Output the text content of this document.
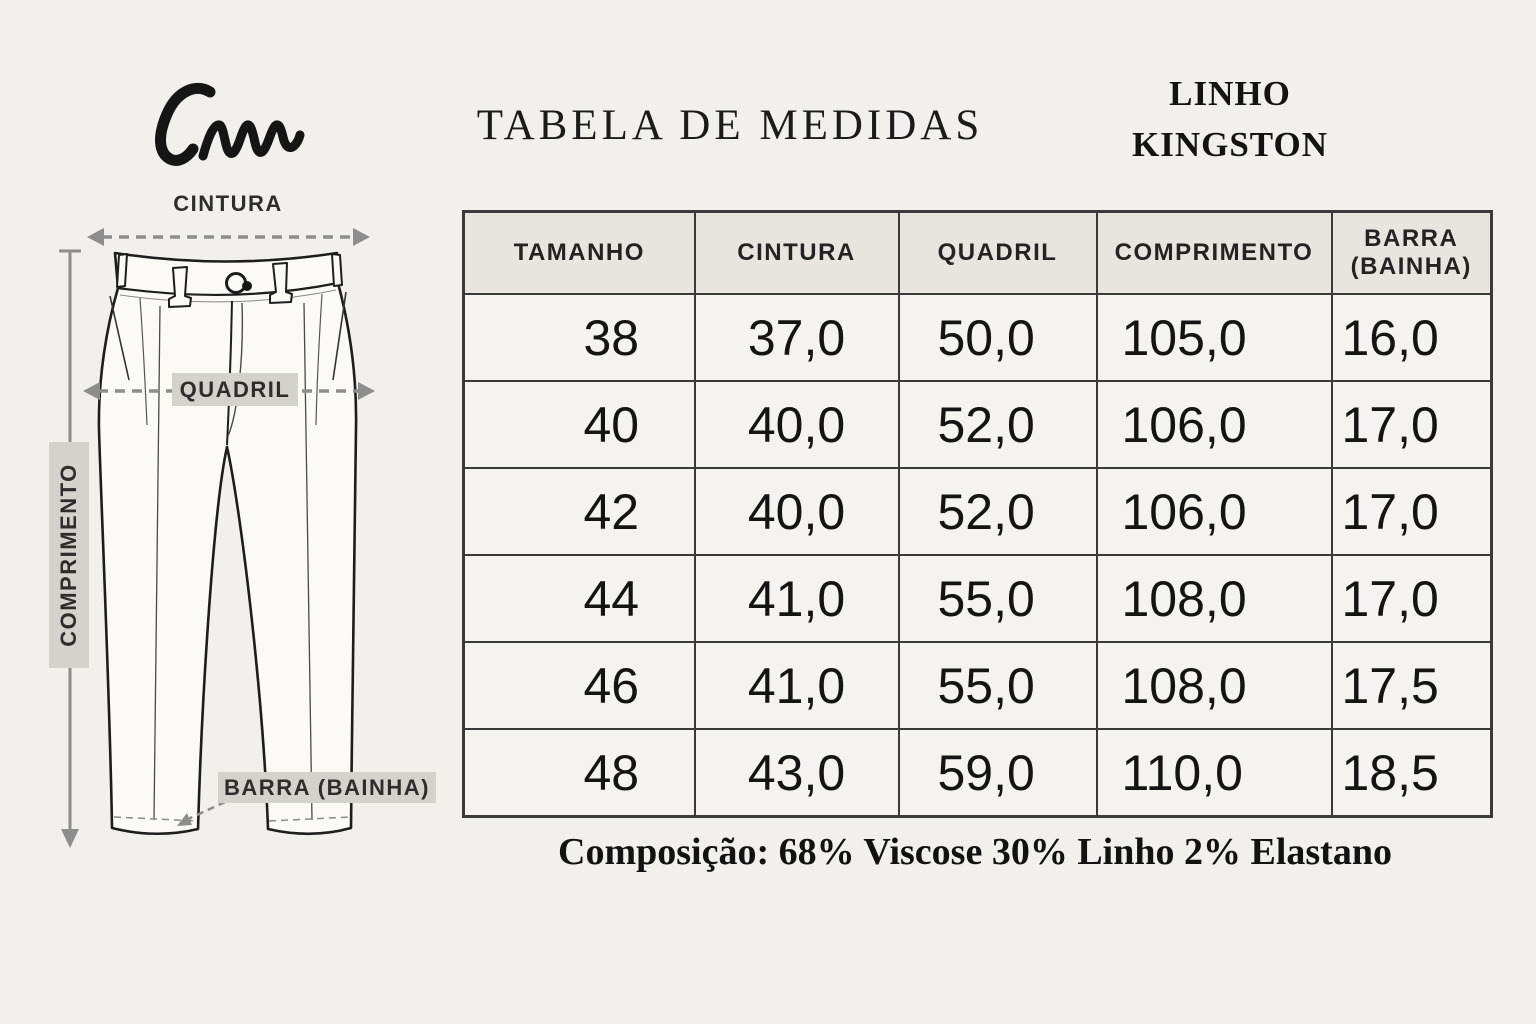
CINTURA
QUADRIL
COMPRIMENTO
BARRA (BAINHA)
TABELA DE MEDIDAS
LINHO
KINGSTON
TAMANHO	CINTURA	QUADRIL	COMPRIMENTO	BARRA (BAINHA)
38	37,0	50,0	105,0	16,0
40	40,0	52,0	106,0	17,0
42	40,0	52,0	106,0	17,0
44	41,0	55,0	108,0	17,0
46	41,0	55,0	108,0	17,5
48	43,0	59,0	110,0	18,5
Composição: 68% Viscose 30% Linho 2% Elastano
